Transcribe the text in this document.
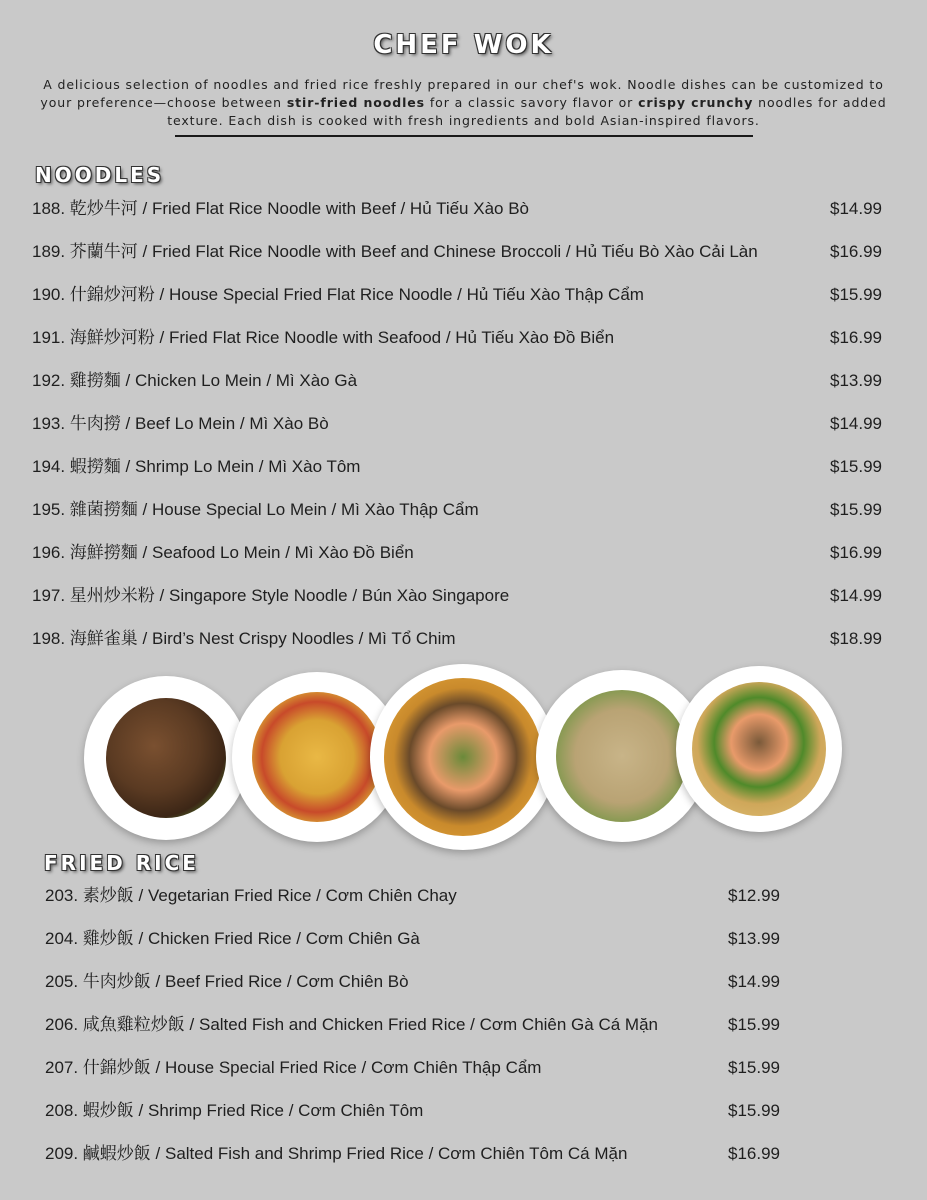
CHEF WOK
A delicious selection of noodles and fried rice freshly prepared in our chef's wok. Noodle dishes can be customized to your preference—choose between stir-fried noodles for a classic savory flavor or crispy crunchy noodles for added texture. Each dish is cooked with fresh ingredients and bold Asian-inspired flavors.
NOODLES
188. 乾炒牛河 / Fried Flat Rice Noodle with Beef / Hủ Tiếu Xào Bò	$14.99
189. 芥蘭牛河 / Fried Flat Rice Noodle with Beef and Chinese Broccoli / Hủ Tiếu Bò Xào Cải Làn	$16.99
190. 什錦炒河粉 / House Special Fried Flat Rice Noodle / Hủ Tiếu Xào Thập Cẩm	$15.99
191. 海鮮炒河粉 / Fried Flat Rice Noodle with Seafood / Hủ Tiếu Xào Đồ Biển	$16.99
192. 雞撈麵 / Chicken Lo Mein / Mì Xào Gà	$13.99
193. 牛肉撈 / Beef Lo Mein / Mì Xào Bò	$14.99
194. 蝦撈麵 / Shrimp Lo Mein / Mì Xào Tôm	$15.99
195. 雜菌撈麵 / House Special Lo Mein / Mì Xào Thập Cẩm	$15.99
196. 海鮮撈麵 / Seafood Lo Mein / Mì Xào Đồ Biển	$16.99
197. 星州炒米粉 / Singapore Style Noodle / Bún Xào Singapore	$14.99
198. 海鮮雀巢 / Bird’s Nest Crispy Noodles / Mì Tổ Chim	$18.99
FRIED RICE
203. 素炒飯 / Vegetarian Fried Rice / Cơm Chiên Chay	$12.99
204. 雞炒飯 / Chicken Fried Rice / Cơm Chiên Gà	$13.99
205. 牛肉炒飯 / Beef Fried Rice / Cơm Chiên Bò	$14.99
206. 咸魚雞粒炒飯 / Salted Fish and Chicken Fried Rice / Cơm Chiên Gà Cá Mặn	$15.99
207. 什錦炒飯 / House Special Fried Rice / Cơm Chiên Thập Cẩm	$15.99
208. 蝦炒飯 / Shrimp Fried Rice / Cơm Chiên Tôm	$15.99
209. 鹹蝦炒飯 / Salted Fish and Shrimp Fried Rice / Cơm Chiên Tôm Cá Mặn	$16.99
